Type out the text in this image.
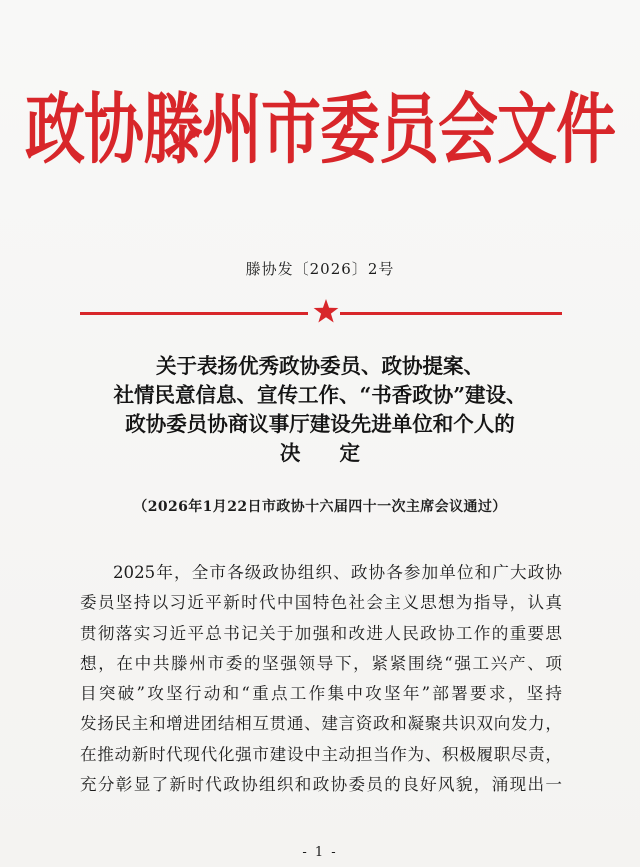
政协滕州市委员会文件
滕协发〔2026〕2号
关于表扬优秀政协委员、政协提案、
社情民意信息、宣传工作、“书香政协”建设、
政协委员协商议事厅建设先进单位和个人的
决 定
（2026年1月22日市政协十六届四十一次主席会议通过）
2025年，全市各级政协组织、政协各参加单位和广大政协
委员坚持以习近平新时代中国特色社会主义思想为指导，认真
贯彻落实习近平总书记关于加强和改进人民政协工作的重要思
想，在中共滕州市委的坚强领导下，紧紧围绕“强工兴产、项
目突破”攻坚行动和“重点工作集中攻坚年”部署要求，坚持
发扬民主和增进团结相互贯通、建言资政和凝聚共识双向发力，
在推动新时代现代化强市建设中主动担当作为、积极履职尽责，
充分彰显了新时代政协组织和政协委员的良好风貌，涌现出一
- 1 -
